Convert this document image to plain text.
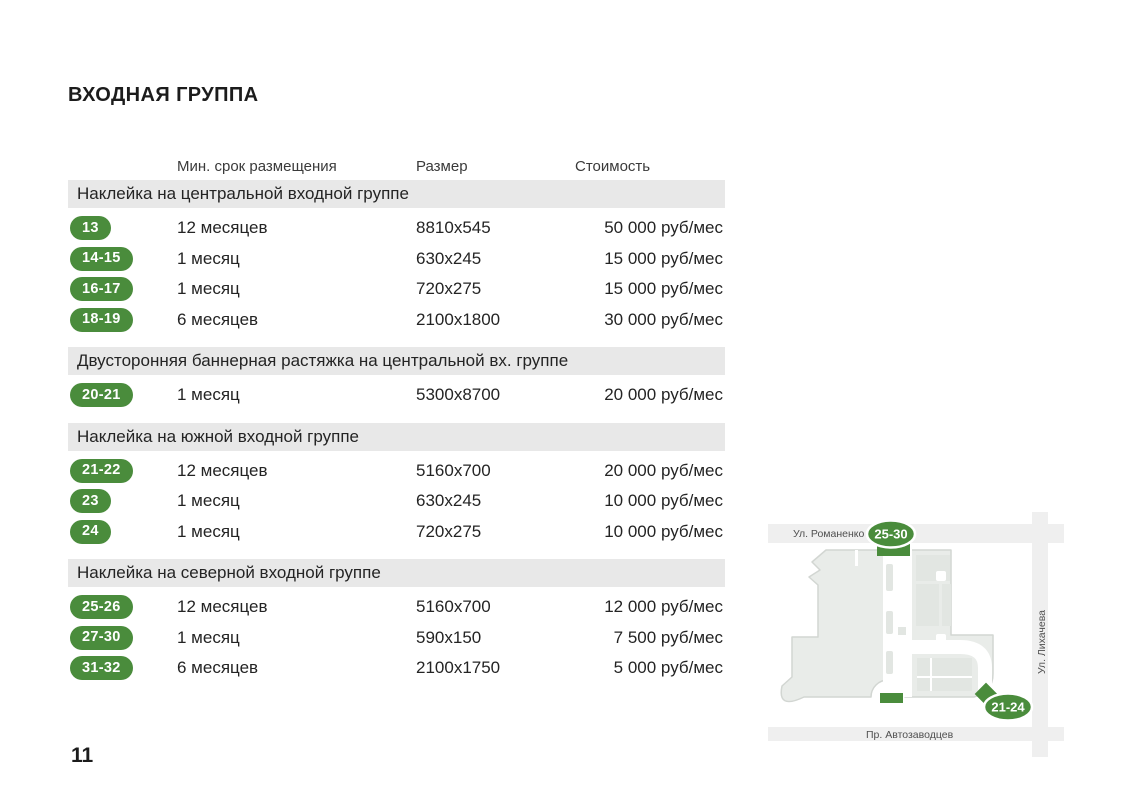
ВХОДНАЯ ГРУППА
Мин. срок размещения	Размер	Стоимость
Наклейка на центральной входной группе
13	12 месяцев	8810х545	50 000 руб/мес
14-15	1 месяц	630х245	15 000 руб/мес
16-17	1 месяц	720х275	15 000 руб/мес
18-19	6 месяцев	2100х1800	30 000 руб/мес
Двусторонняя баннерная растяжка на центральной вх. группе
20-21	1 месяц	5300х8700	20 000 руб/мес
Наклейка на южной входной группе
21-22	12 месяцев	5160х700	20 000 руб/мес
23	1 месяц	630х245	10 000 руб/мес
24	1 месяц	720х275	10 000 руб/мес
Наклейка на северной входной группе
25-26	12 месяцев	5160х700	12 000 руб/мес
27-30	1 месяц	590х150	7 500 руб/мес
31-32	6 месяцев	2100х1750	5 000 руб/мес
Ул. Романенко
Пр. Автозаводцев
Ул. Лихачева
25-30
21-24
11
